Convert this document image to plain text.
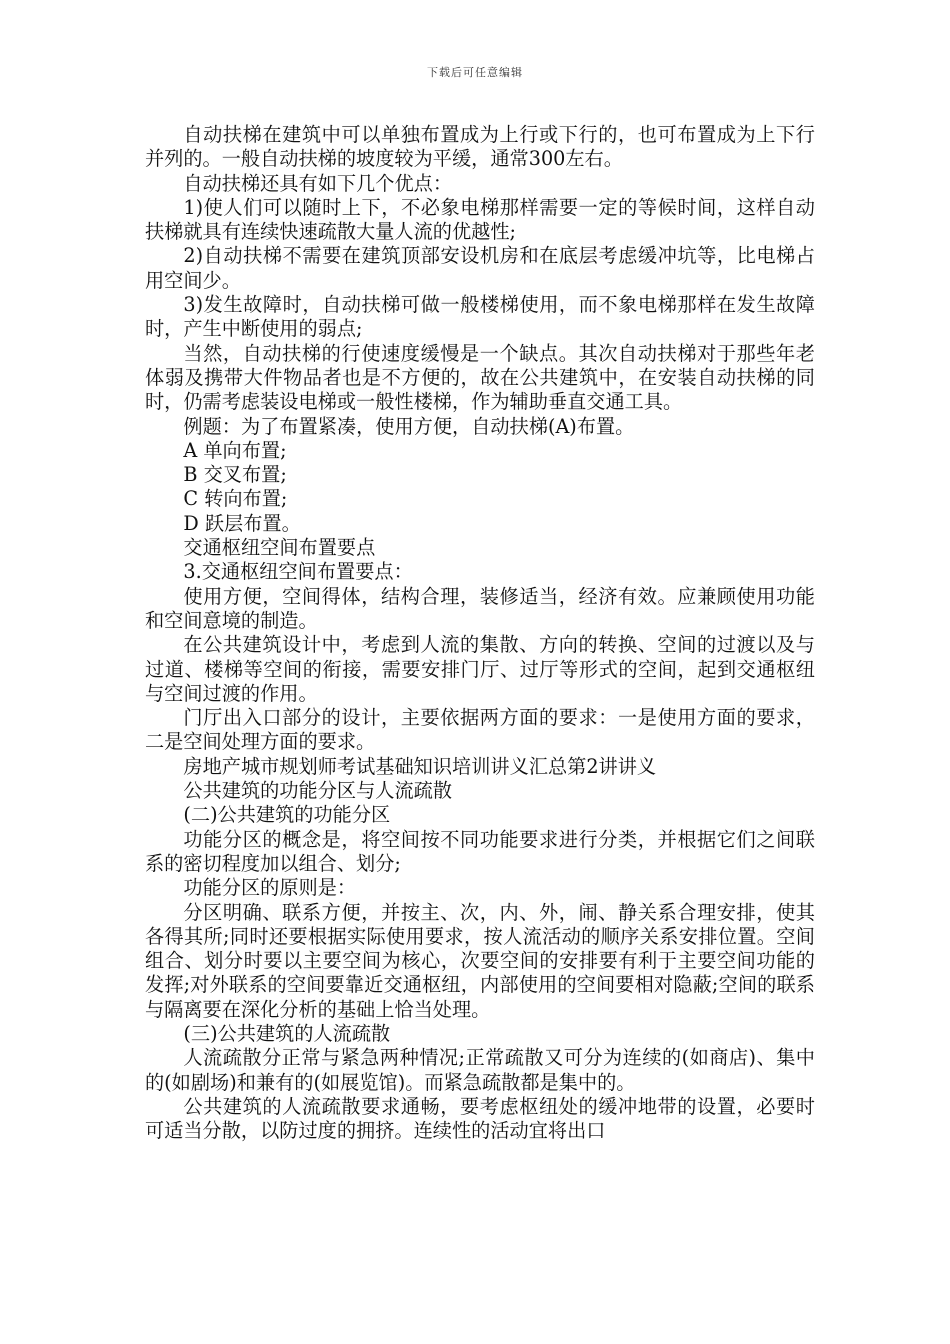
下载后可任意编辑

自动扶梯在建筑中可以单独布置成为上行或下行的，也可布置成为上下行并列的。一般自动扶梯的坡度较为平缓，通常300左右。

自动扶梯还具有如下几个优点：

1)使人们可以随时上下，不必象电梯那样需要一定的等候时间，这样自动扶梯就具有连续快速疏散大量人流的优越性;

2)自动扶梯不需要在建筑顶部安设机房和在底层考虑缓冲坑等，比电梯占用空间少。

3)发生故障时，自动扶梯可做一般楼梯使用，而不象电梯那样在发生故障时，产生中断使用的弱点;

当然，自动扶梯的行使速度缓慢是一个缺点。其次自动扶梯对于那些年老体弱及携带大件物品者也是不方便的，故在公共建筑中，在安装自动扶梯的同时，仍需考虑装设电梯或一般性楼梯，作为辅助垂直交通工具。

例题：为了布置紧凑，使用方便，自动扶梯(A)布置。

A 单向布置;

B 交叉布置;

C 转向布置;

D 跃层布置。

交通枢纽空间布置要点

3.交通枢纽空间布置要点：

使用方便，空间得体，结构合理，装修适当，经济有效。应兼顾使用功能和空间意境的制造。

在公共建筑设计中，考虑到人流的集散、方向的转换、空间的过渡以及与过道、楼梯等空间的衔接，需要安排门厅、过厅等形式的空间，起到交通枢纽与空间过渡的作用。

门厅出入口部分的设计，主要依据两方面的要求：一是使用方面的要求，二是空间处理方面的要求。

房地产城市规划师考试基础知识培训讲义汇总第2讲讲义

公共建筑的功能分区与人流疏散

(二)公共建筑的功能分区

功能分区的概念是，将空间按不同功能要求进行分类，并根据它们之间联系的密切程度加以组合、划分;

功能分区的原则是：

分区明确、联系方便，并按主、次，内、外，闹、静关系合理安排，使其各得其所;同时还要根据实际使用要求，按人流活动的顺序关系安排位置。空间组合、划分时要以主要空间为核心，次要空间的安排要有利于主要空间功能的发挥;对外联系的空间要靠近交通枢纽，内部使用的空间要相对隐蔽;空间的联系与隔离要在深化分析的基础上恰当处理。

(三)公共建筑的人流疏散

人流疏散分正常与紧急两种情况;正常疏散又可分为连续的(如商店)、集中的(如剧场)和兼有的(如展览馆)。而紧急疏散都是集中的。

公共建筑的人流疏散要求通畅，要考虑枢纽处的缓冲地带的设置，必要时可适当分散，以防过度的拥挤。连续性的活动宜将出口
